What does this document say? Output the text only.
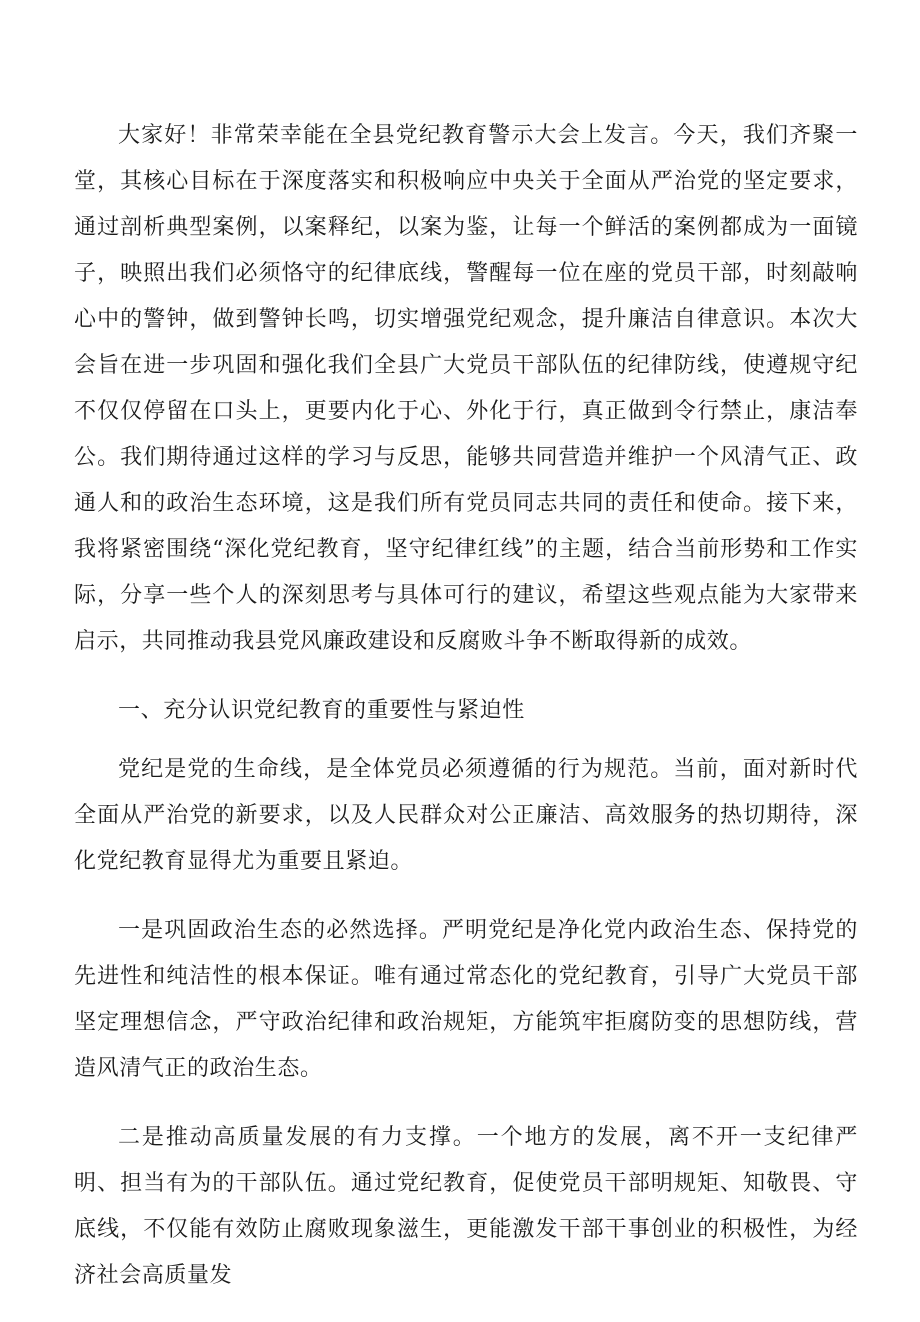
大家好！非常荣幸能在全县党纪教育警示大会上发言。今天，我们齐聚一堂，其核心目标在于深度落实和积极响应中央关于全面从严治党的坚定要求，通过剖析典型案例，以案释纪，以案为鉴，让每一个鲜活的案例都成为一面镜子，映照出我们必须恪守的纪律底线，警醒每一位在座的党员干部，时刻敲响心中的警钟，做到警钟长鸣，切实增强党纪观念，提升廉洁自律意识。本次大会旨在进一步巩固和强化我们全县广大党员干部队伍的纪律防线，使遵规守纪不仅仅停留在口头上，更要内化于心、外化于行，真正做到令行禁止，康洁奉公。我们期待通过这样的学习与反思，能够共同营造并维护一个风清气正、政通人和的政治生态环境，这是我们所有党员同志共同的责任和使命。接下来，我将紧密围绕“深化党纪教育，坚守纪律红线”的主题，结合当前形势和工作实际，分享一些个人的深刻思考与具体可行的建议，希望这些观点能为大家带来启示，共同推动我县党风廉政建设和反腐败斗争不断取得新的成效。

一、充分认识党纪教育的重要性与紧迫性

党纪是党的生命线，是全体党员必须遵循的行为规范。当前，面对新时代全面从严治党的新要求，以及人民群众对公正廉洁、高效服务的热切期待，深化党纪教育显得尤为重要且紧迫。

一是巩固政治生态的必然选择。严明党纪是净化党内政治生态、保持党的先进性和纯洁性的根本保证。唯有通过常态化的党纪教育，引导广大党员干部坚定理想信念，严守政治纪律和政治规矩，方能筑牢拒腐防变的思想防线，营造风清气正的政治生态。

二是推动高质量发展的有力支撑。一个地方的发展，离不开一支纪律严明、担当有为的干部队伍。通过党纪教育，促使党员干部明规矩、知敬畏、守底线，不仅能有效防止腐败现象滋生，更能激发干部干事创业的积极性，为经济社会高质量发
